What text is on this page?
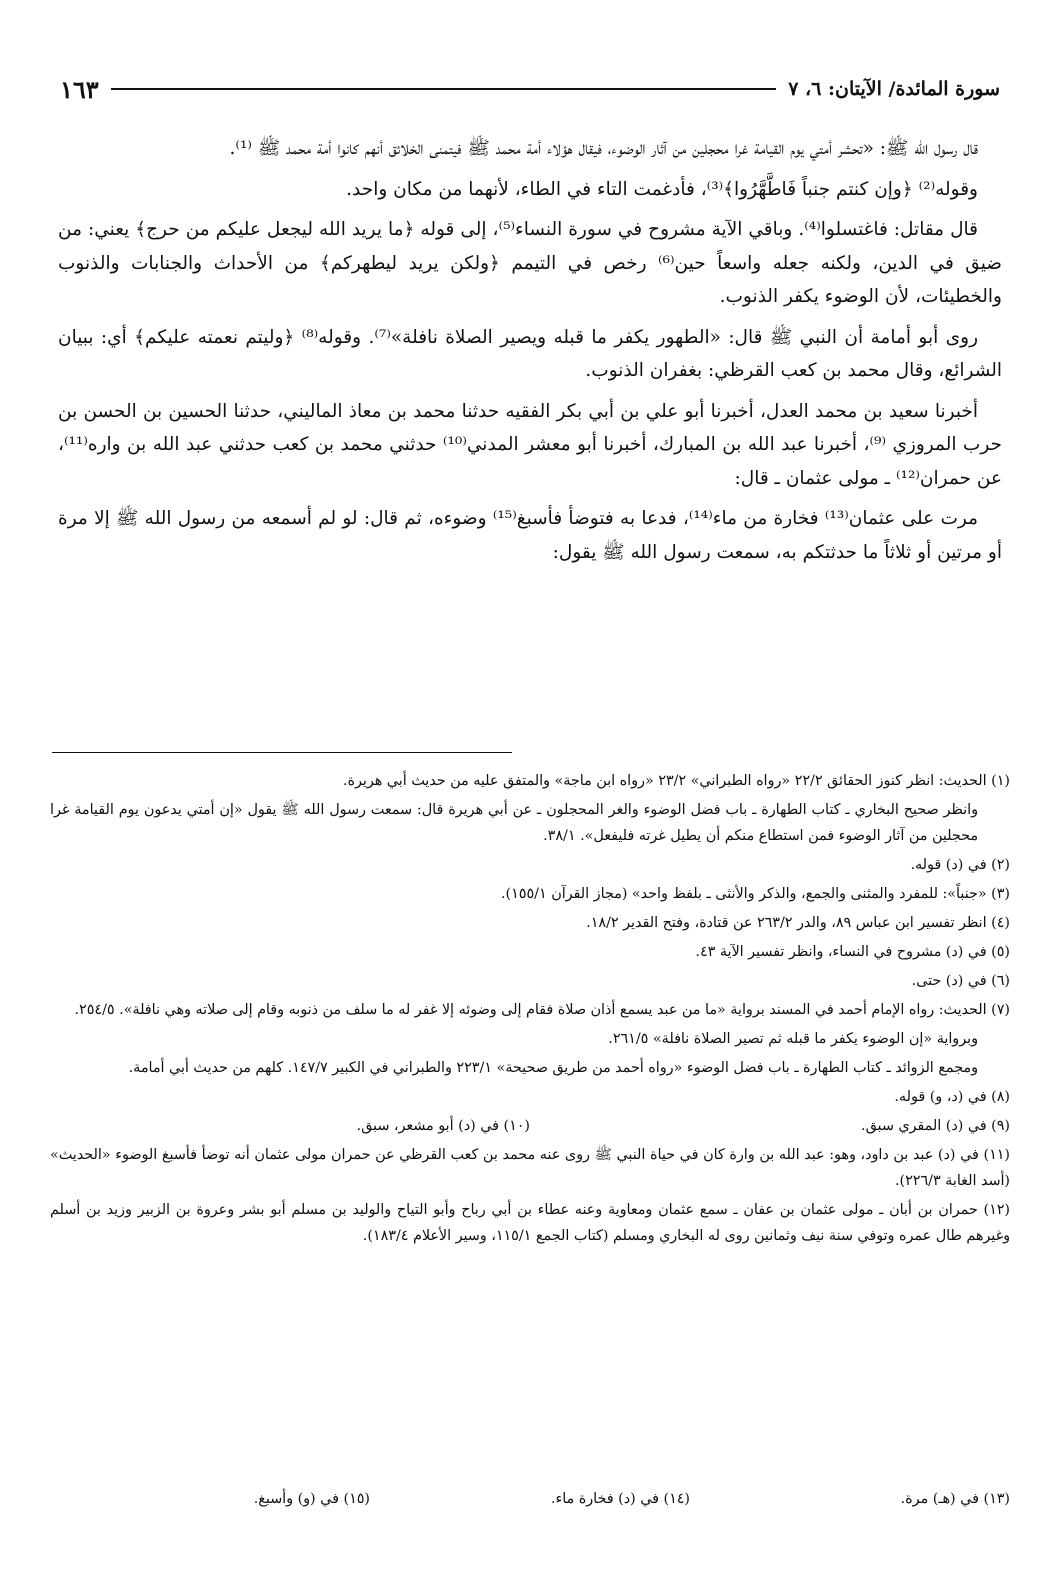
سورة المائدة/ الآيتان: ٦، ٧
١٦٣

قال رسول الله ﷺ: «تحشر أمتي يوم القيامة غرا محجلين من آثار الوضوء، فيقال هؤلاء أمة محمد ﷺ فيتمنى الخلائق أنهم كانوا أمة محمد ﷺ ⁽¹⁾.

وقوله⁽²⁾ ﴿وإن كنتم جنباً فَاطَّهَّرُوا﴾⁽³⁾، فأدغمت التاء في الطاء، لأنهما من مكان واحد.

قال مقاتل: فاغتسلوا⁽⁴⁾. وباقي الآية مشروح في سورة النساء⁽⁵⁾، إلى قوله ﴿ما يريد الله ليجعل عليكم من حرج﴾ يعني: من ضيق في الدين، ولكنه جعله واسعاً حين⁽⁶⁾ رخص في التيمم ﴿ولكن يريد ليطهركم﴾ من الأحداث والجنابات والذنوب والخطيئات، لأن الوضوء يكفر الذنوب.

روى أبو أمامة أن النبي ﷺ قال: «الطهور يكفر ما قبله ويصير الصلاة نافلة»⁽⁷⁾. وقوله⁽⁸⁾ ﴿وليتم نعمته عليكم﴾ أي: ببيان الشرائع، وقال محمد بن كعب القرظي: بغفران الذنوب.

أخبرنا سعيد بن محمد العدل، أخبرنا أبو علي بن أبي بكر الفقيه حدثنا محمد بن معاذ الماليني، حدثنا الحسين بن الحسن بن حرب المروزي ⁽⁹⁾، أخبرنا عبد الله بن المبارك، أخبرنا أبو معشر المدني⁽¹⁰⁾ حدثني محمد بن كعب حدثني عبد الله بن واره⁽¹¹⁾، عن حمران⁽¹²⁾ ـ مولى عثمان ـ قال:

مرت على عثمان⁽¹³⁾ فخارة من ماء⁽¹⁴⁾، فدعا به فتوضأ فأسبغ⁽¹⁵⁾ وضوءه، ثم قال: لو لم أسمعه من رسول الله ﷺ إلا مرة أو مرتين أو ثلاثاً ما حدثتكم به، سمعت رسول الله ﷺ يقول:

(١) الحديث: انظر كنوز الحقائق ٢٢/٢ «رواه الطبراني» ٢٣/٢ «رواه ابن ماجة» والمتفق عليه من حديث أبي هريرة.
وانظر صحيح البخاري ـ كتاب الطهارة ـ باب فضل الوضوء والغر المحجلون ـ عن أبي هريرة قال: سمعت رسول الله ﷺ يقول «إن أمتي يدعون يوم القيامة غرا محجلين من آثار الوضوء فمن استطاع منكم أن يطيل غرته فليفعل». ٣٨/١.
(٢) في (د) قوله.
(٣) «جنباً»: للمفرد والمثنى والجمع، والذكر والأنثى ـ بلفظ واحد» (مجاز القرآن ١٥٥/١).
(٤) انظر تفسير ابن عباس ٨٩، والدر ٢٦٣/٢ عن قتادة، وفتح القدير ١٨/٢.
(٥) في (د) مشروح في النساء، وانظر تفسير الآية ٤٣.
(٦) في (د) حتى.
(٧) الحديث: رواه الإمام أحمد في المسند برواية «ما من عبد يسمع أذان صلاة فقام إلى وضوئه إلا غفر له ما سلف من ذنوبه وقام إلى صلاته وهي نافلة». ٢٥٤/٥.
وبرواية «إن الوضوء يكفر ما قبله ثم تصير الصلاة نافلة» ٢٦١/٥.
ومجمع الزوائد ـ كتاب الطهارة ـ باب فضل الوضوء «رواه أحمد من طريق صحيحة» ٢٢٣/١ والطبراني في الكبير ١٤٧/٧. كلهم من حديث أبي أمامة.
(٨) في (د، و) قوله.
(٩) في (د) المقري سبق.
(١٠) في (د) أبو مشعر، سبق.
(١١) في (د) عبد بن داود، وهو: عبد الله بن وارة كان في حياة النبي ﷺ روى عنه محمد بن كعب القرظي عن حمران مولى عثمان أنه توضأ فأسبغ الوضوء «الحديث» (أسد الغابة ٢٢٦/٣).
(١٢) حمران بن أبان ـ مولى عثمان بن عفان ـ سمع عثمان ومعاوية وعنه عطاء بن أبي رباح وأبو التياح والوليد بن مسلم أبو بشر وعروة بن الزبير وزيد بن أسلم وغيرهم طال عمره وتوفي سنة نيف وثمانين روى له البخاري ومسلم (كتاب الجمع ١١٥/١، وسير الأعلام ١٨٣/٤).
(١٣) في (هـ) مرة.
(١٤) في (د) فخارة ماء.
(١٥) في (و) وأسبغ.
